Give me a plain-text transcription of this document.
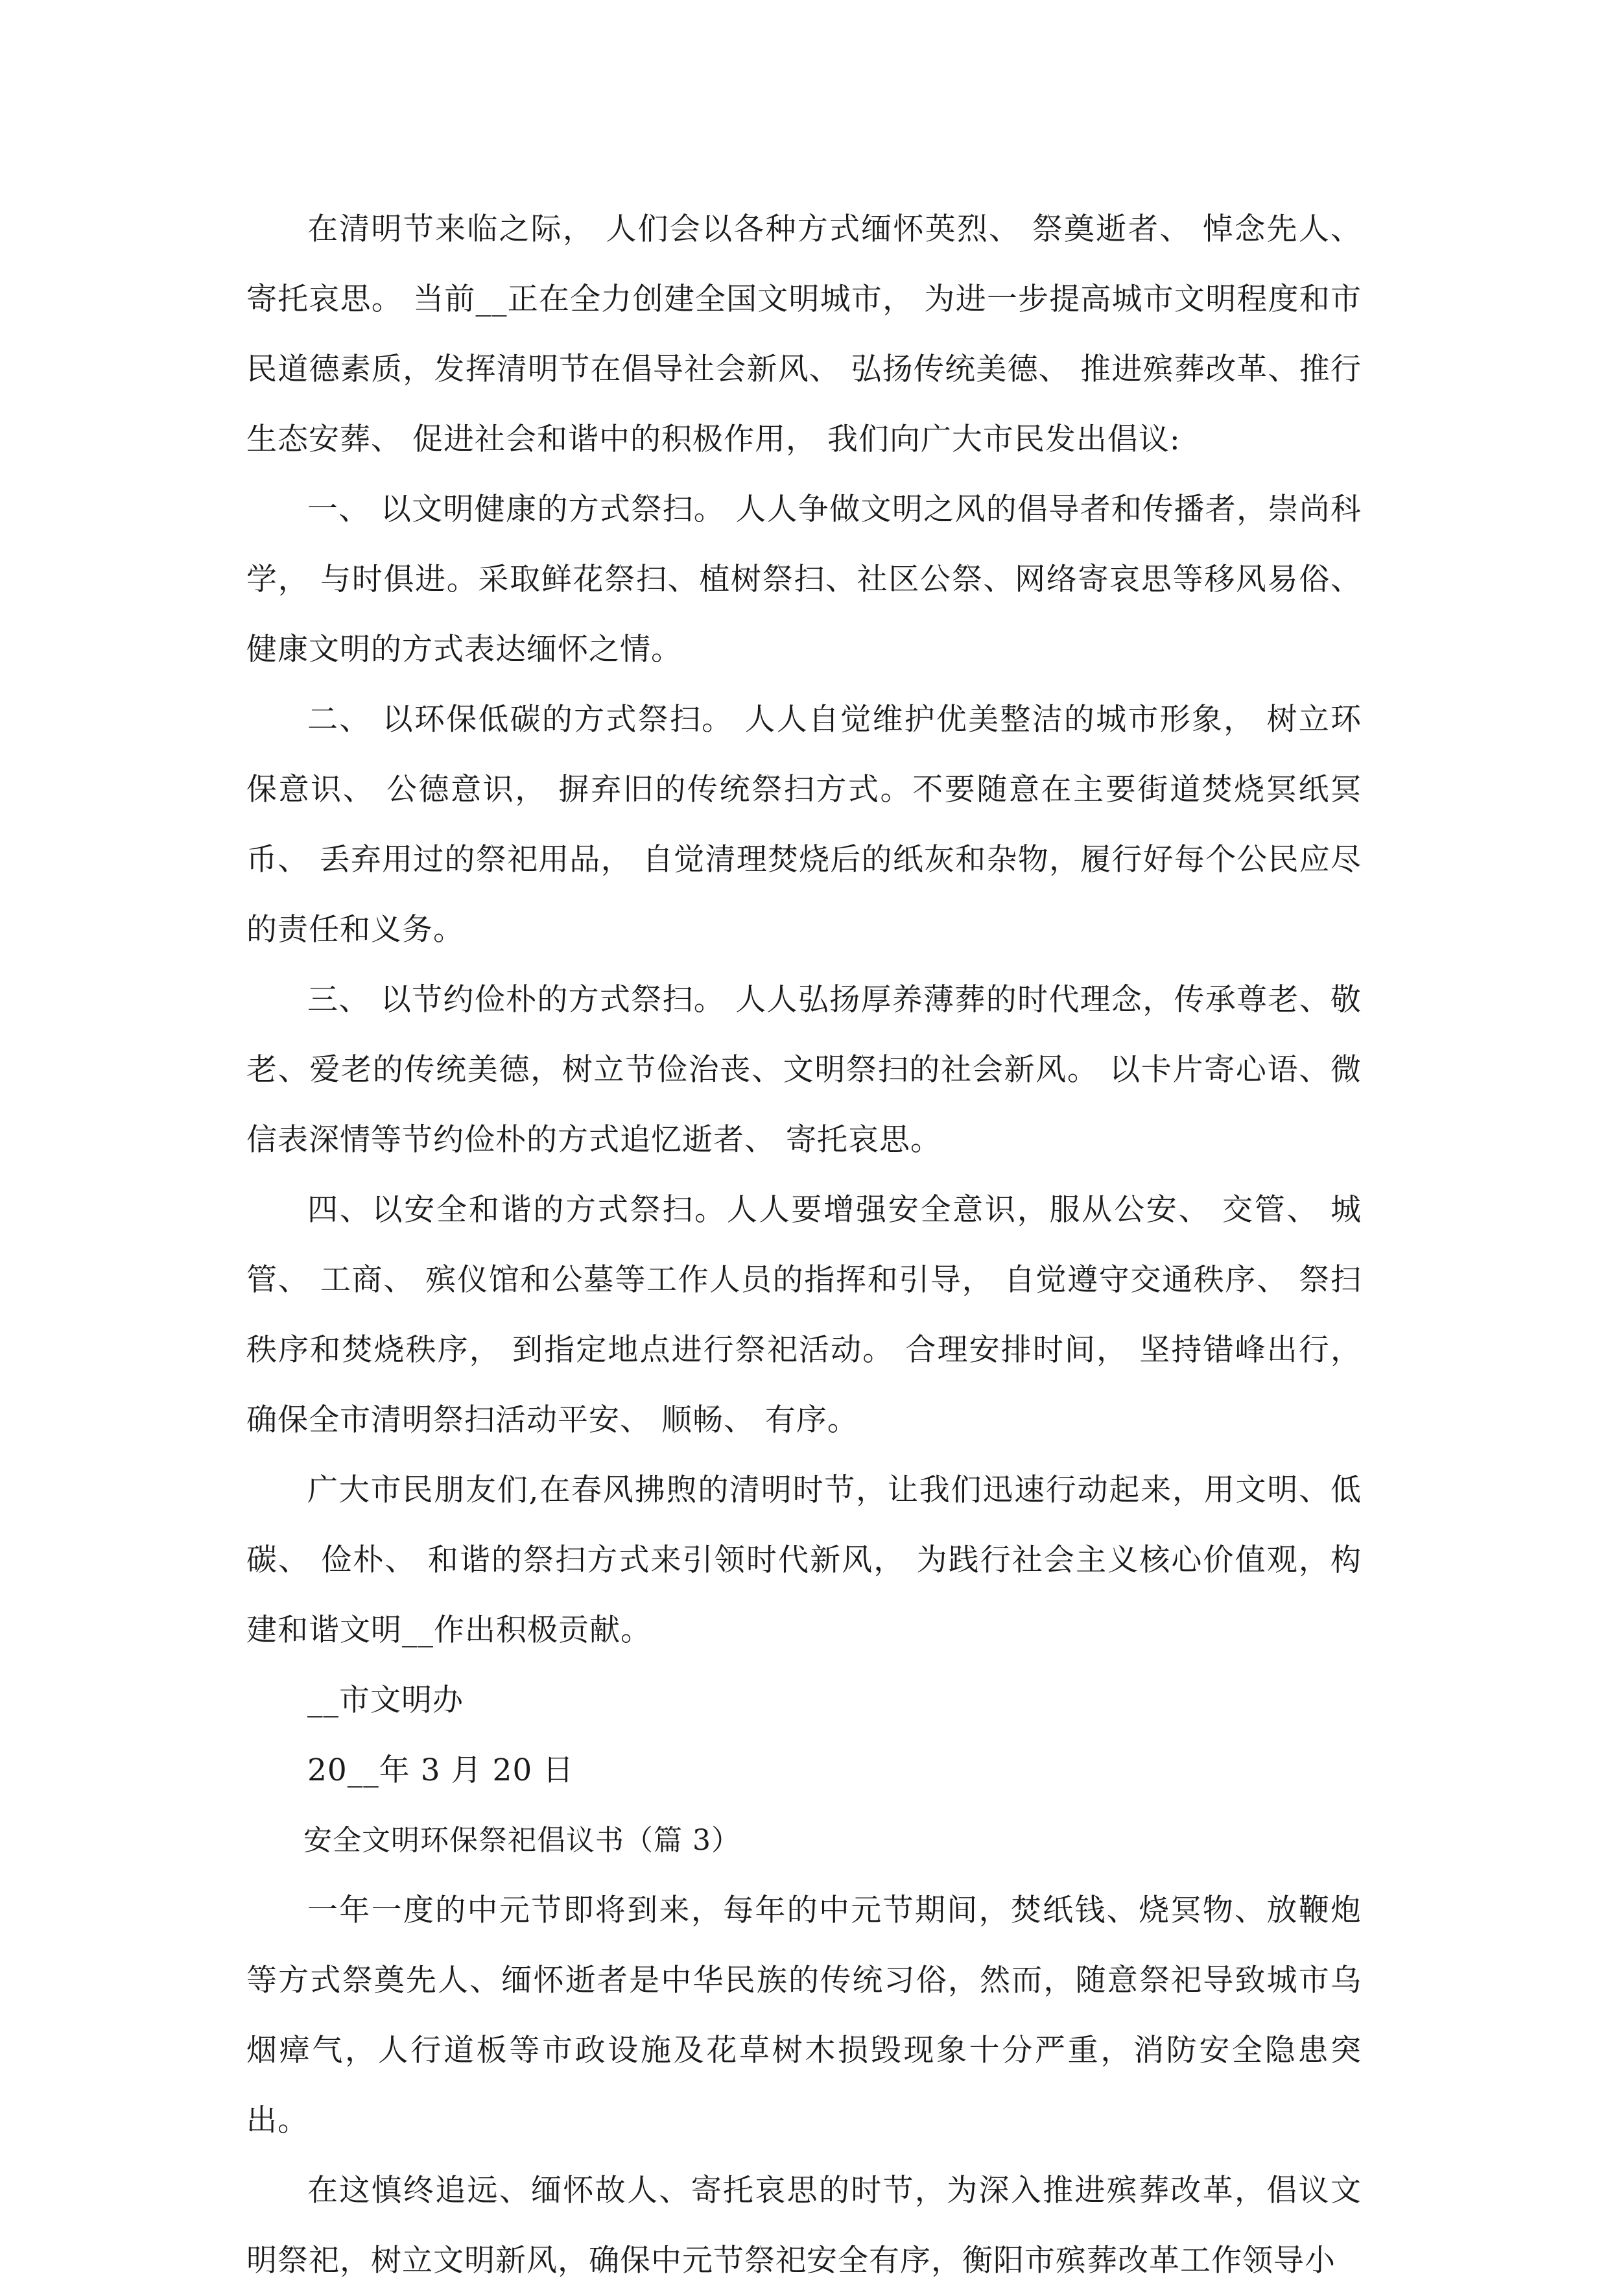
在清明节来临之际， 人们会以各种方式缅怀英烈、 祭奠逝者、 悼念先人、寄托哀思。 当前__正在全力创建全国文明城市， 为进一步提高城市文明程度和市民道德素质，发挥清明节在倡导社会新风、 弘扬传统美德、 推进殡葬改革、推行生态安葬、 促进社会和谐中的积极作用， 我们向广大市民发出倡议:

一、 以文明健康的方式祭扫。 人人争做文明之风的倡导者和传播者，崇尚科学， 与时俱进。采取鲜花祭扫、植树祭扫、社区公祭、网络寄哀思等移风易俗、健康文明的方式表达缅怀之情。

二、 以环保低碳的方式祭扫。 人人自觉维护优美整洁的城市形象， 树立环保意识、 公德意识， 摒弃旧的传统祭扫方式。不要随意在主要街道焚烧冥纸冥币、 丢弃用过的祭祀用品， 自觉清理焚烧后的纸灰和杂物，履行好每个公民应尽的责任和义务。

三、 以节约俭朴的方式祭扫。 人人弘扬厚养薄葬的时代理念，传承尊老、敬老、爱老的传统美德，树立节俭治丧、文明祭扫的社会新风。 以卡片寄心语、微信表深情等节约俭朴的方式追忆逝者、 寄托哀思。

四、以安全和谐的方式祭扫。人人要增强安全意识，服从公安、 交管、 城管、 工商、 殡仪馆和公墓等工作人员的指挥和引导， 自觉遵守交通秩序、 祭扫秩序和焚烧秩序， 到指定地点进行祭祀活动。 合理安排时间， 坚持错峰出行， 确保全市清明祭扫活动平安、 顺畅、 有序。

广大市民朋友们,在春风拂煦的清明时节，让我们迅速行动起来，用文明、低碳、 俭朴、 和谐的祭扫方式来引领时代新风， 为践行社会主义核心价值观，构建和谐文明__作出积极贡献。

__市文明办

20__年 3 月 20 日

安全文明环保祭祀倡议书（篇 3）

一年一度的中元节即将到来，每年的中元节期间，焚纸钱、烧冥物、放鞭炮等方式祭奠先人、缅怀逝者是中华民族的传统习俗，然而，随意祭祀导致城市乌烟瘴气，人行道板等市政设施及花草树木损毁现象十分严重，消防安全隐患突出。

在这慎终追远、缅怀故人、寄托哀思的时节，为深入推进殡葬改革，倡议文明祭祀，树立文明新风，确保中元节祭祀安全有序，衡阳市殡葬改革工作领导小
